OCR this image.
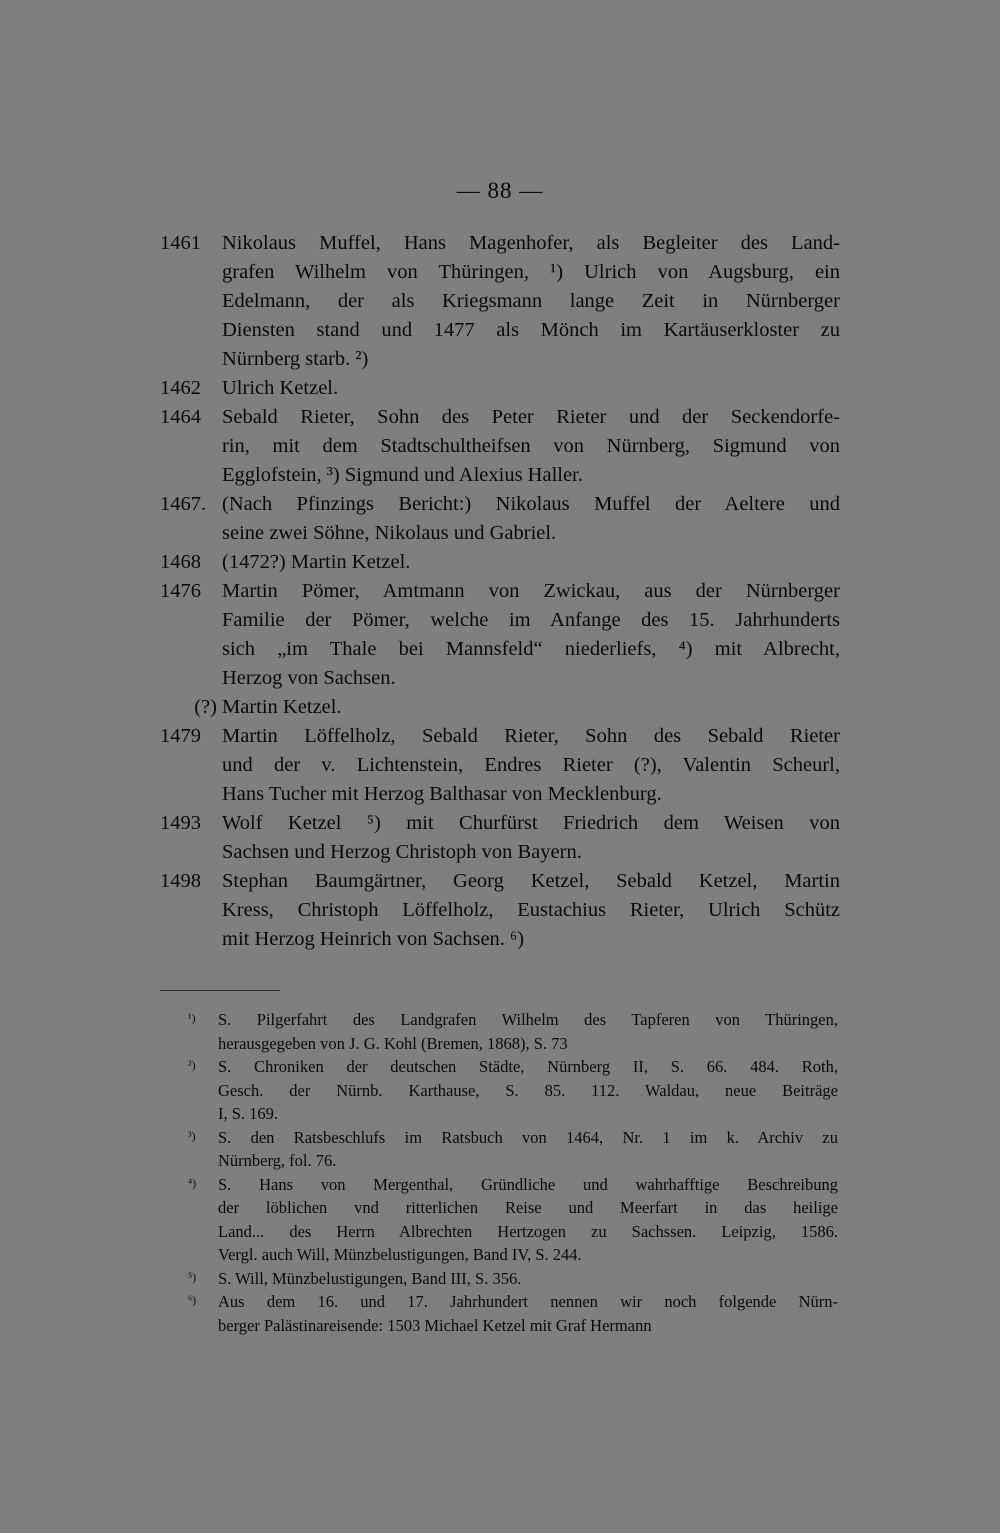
— 88 —
1461	Nikolaus Muffel, Hans Magenhofer, als Begleiter des Land-
grafen Wilhelm von Thüringen, ¹) Ulrich von Augsburg, ein
Edelmann, der als Kriegsmann lange Zeit in Nürnberger
Diensten stand und 1477 als Mönch im Kartäuserkloster zu
Nürnberg starb. ²)
1462	Ulrich Ketzel.
1464	Sebald Rieter, Sohn des Peter Rieter und der Seckendorfe-
rin, mit dem Stadtschultheifsen von Nürnberg, Sigmund von
Egglofstein, ³) Sigmund und Alexius Haller.
1467. (Nach Pfinzings Bericht:) Nikolaus Muffel der Aeltere und
seine zwei Söhne, Nikolaus und Gabriel.
1468	(1472?) Martin Ketzel.
1476	Martin Pömer, Amtmann von Zwickau, aus der Nürnberger
Familie der Pömer, welche im Anfange des 15. Jahrhunderts
sich „im Thale bei Mannsfeld“ niederliefs, ⁴) mit Albrecht,
Herzog von Sachsen.
(?) Martin Ketzel.
1479	Martin Löffelholz, Sebald Rieter, Sohn des Sebald Rieter
und der v. Lichtenstein, Endres Rieter (?), Valentin Scheurl,
Hans Tucher mit Herzog Balthasar von Mecklenburg.
1493	Wolf Ketzel ⁵) mit Churfürst Friedrich dem Weisen von
Sachsen und Herzog Christoph von Bayern.
1498	Stephan Baumgärtner, Georg Ketzel, Sebald Ketzel, Martin
Kress, Christoph Löffelholz, Eustachius Rieter, Ulrich Schütz
mit Herzog Heinrich von Sachsen. ⁶)
¹)	S. Pilgerfahrt des Landgrafen Wilhelm des Tapferen von Thüringen,
herausgegeben von J. G. Kohl (Bremen, 1868), S. 73
²)	S. Chroniken der deutschen Städte, Nürnberg II, S. 66. 484. Roth,
Gesch. der Nürnb. Karthause, S. 85. 112. Waldau, neue Beiträge
I, S. 169.
³)	S. den Ratsbeschlufs im Ratsbuch von 1464, Nr. 1 im k. Archiv zu
Nürnberg, fol. 76.
⁴)	S. Hans von Mergenthal, Gründliche und wahrhafftige Beschreibung
der löblichen vnd ritterlichen Reise und Meerfart in das heilige
Land... des Herrn Albrechten Hertzogen zu Sachssen. Leipzig, 1586.
Vergl. auch Will, Münzbelustigungen, Band IV, S. 244.
⁵)	S. Will, Münzbelustigungen, Band III, S. 356.
⁶)	Aus dem 16. und 17. Jahrhundert nennen wir noch folgende Nürn-
berger Palästinareisende: 1503 Michael Ketzel mit Graf Hermann
